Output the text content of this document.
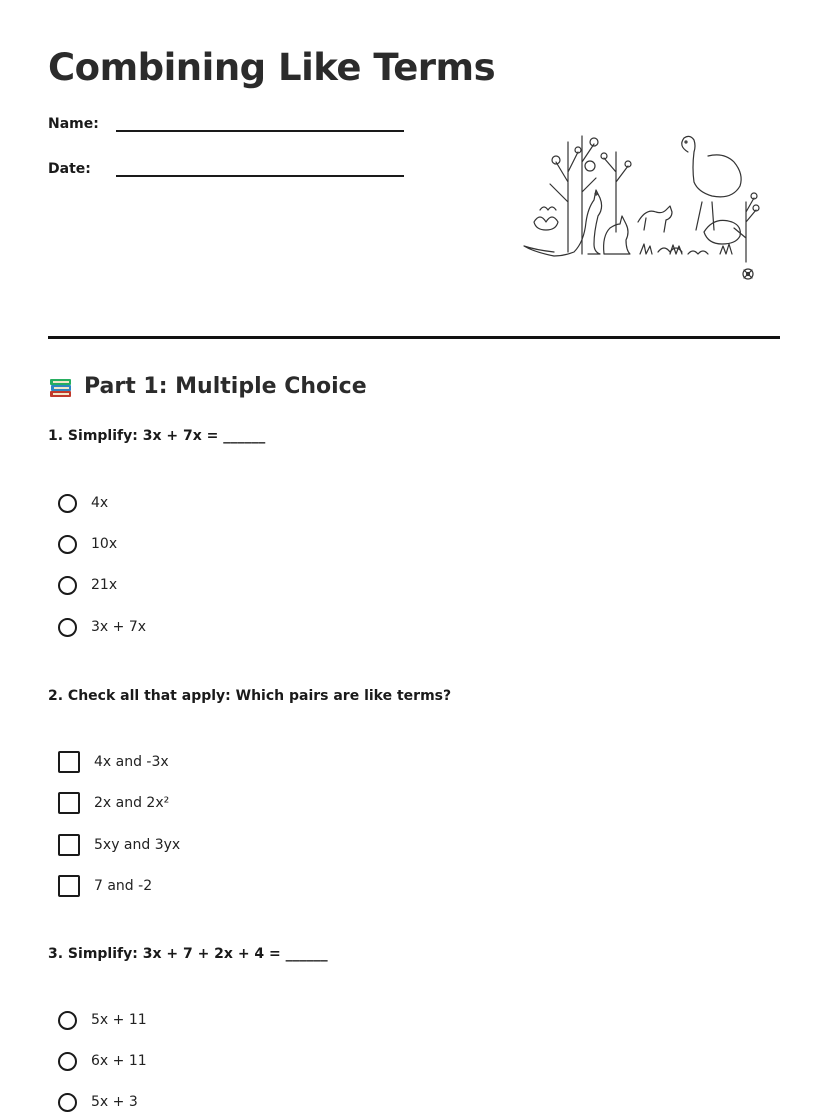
Combining Like Terms
Name:
Date:
Part 1: Multiple Choice
1. Simplify: 3x + 7x = ______
4x
10x
21x
3x + 7x
2. Check all that apply: Which pairs are like terms?
4x and -3x
2x and 2x²
5xy and 3yx
7 and -2
3. Simplify: 3x + 7 + 2x + 4 = ______
5x + 11
6x + 11
5x + 3
